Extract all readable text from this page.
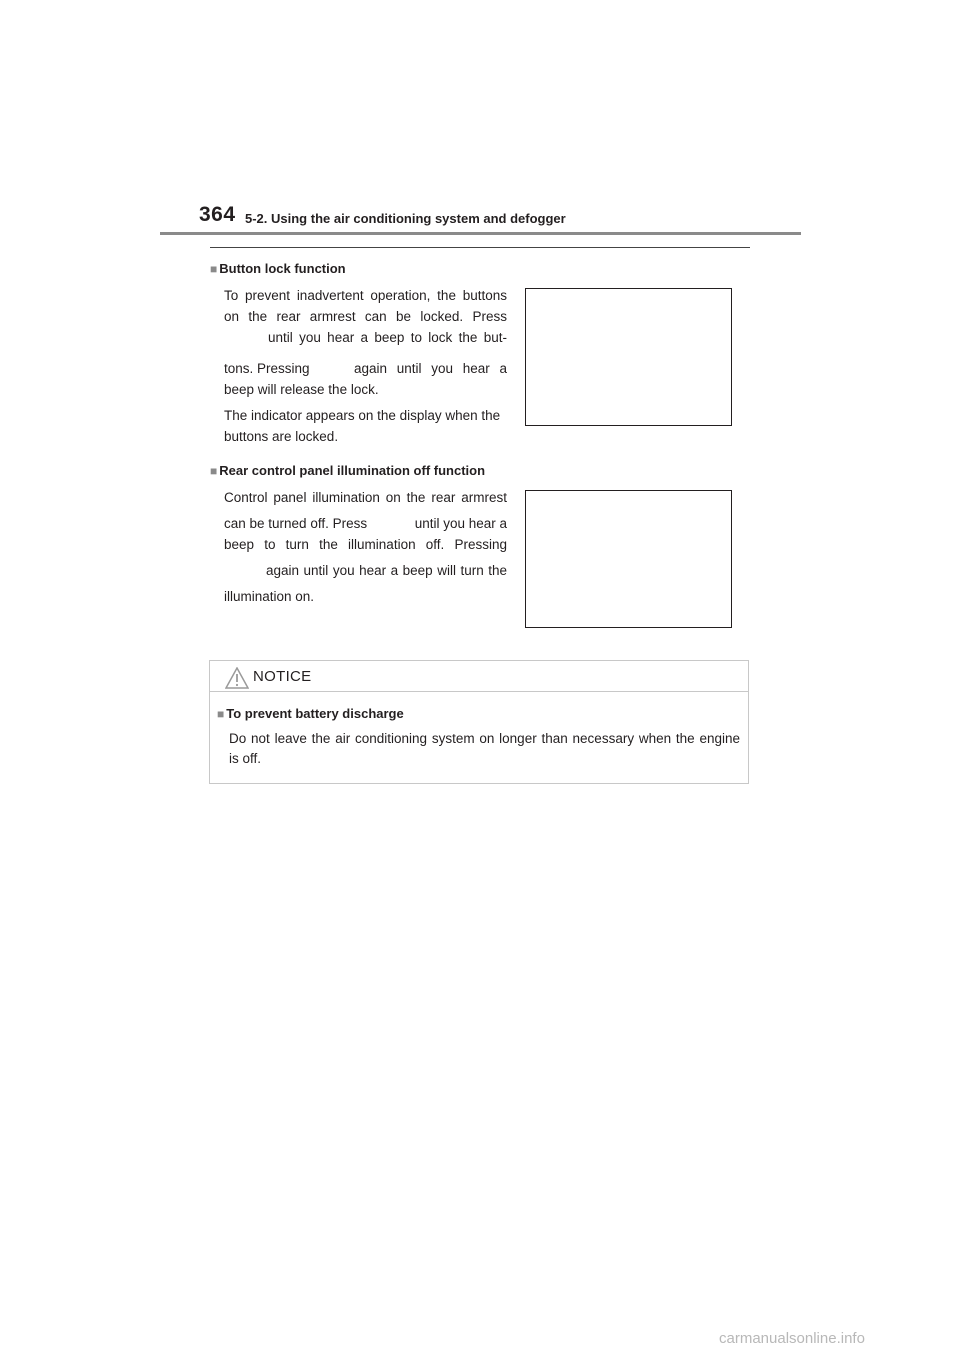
364 5-2. Using the air conditioning system and defogger
■ Button lock function
To prevent inadvertent operation, the buttons
on the rear armrest can be locked. Press
until you hear a beep to lock the but-
tons. Pressing	again until you hear a
beep will release the lock.
The indicator appears on the display when the
buttons are locked.
■ Rear control panel illumination off function
Control panel illumination on the rear armrest
can be turned off. Press	until you hear a
beep to turn the illumination off. Pressing
again until you hear a beep will turn the
illumination on.
NOTICE
■ To prevent battery discharge
Do not leave the air conditioning system on longer than necessary when the engine is off.
carmanualsonline.info
